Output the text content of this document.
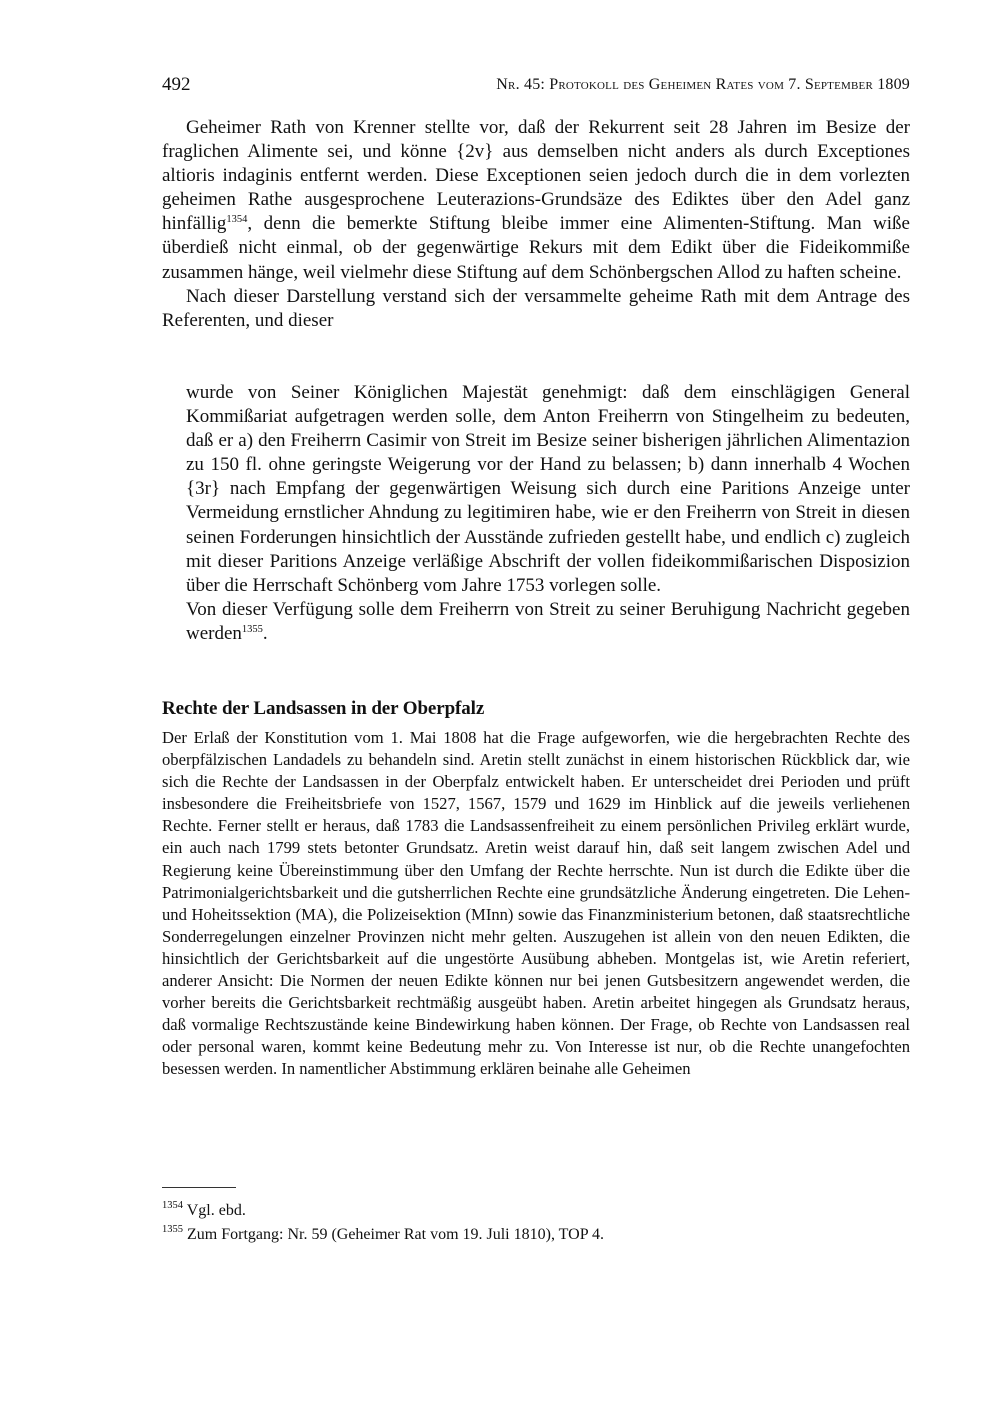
492	Nr. 45: Protokoll des Geheimen Rates vom 7. September 1809

Geheimer Rath von Krenner stellte vor, daß der Rekurrent seit 28 Jahren im Besize der fraglichen Alimente sei, und könne {2v} aus demselben nicht anders als durch Exceptiones altioris indaginis entfernt werden. Diese Exceptionen seien jedoch durch die in dem vorlezten geheimen Rathe ausgesprochene Leuterazions-Grundsäze des Ediktes über den Adel ganz hinfällig$^{1354}$, denn die bemerkte Stiftung bleibe immer eine Alimenten-Stiftung. Man wiße überdieß nicht einmal, ob der gegenwärtige Rekurs mit dem Edikt über die Fideikommiße zusammen hänge, weil vielmehr diese Stiftung auf dem Schönbergschen Allod zu haften scheine.

Nach dieser Darstellung verstand sich der versammelte geheime Rath mit dem Antrage des Referenten, und dieser

wurde von Seiner Königlichen Majestät genehmigt: daß dem einschlägigen General Kommißariat aufgetragen werden solle, dem Anton Freiherrn von Stingelheim zu bedeuten, daß er a) den Freiherrn Casimir von Streit im Besize seiner bisherigen jährlichen Alimentazion zu 150 fl. ohne geringste Weigerung vor der Hand zu belassen; b) dann innerhalb 4 Wochen {3r} nach Empfang der gegenwärtigen Weisung sich durch eine Paritions Anzeige unter Vermeidung ernstlicher Ahndung zu legitimiren habe, wie er den Freiherrn von Streit in diesen seinen Forderungen hinsichtlich der Ausstände zufrieden gestellt habe, und endlich c) zugleich mit dieser Paritions Anzeige verläßige Abschrift der vollen fideikommißarischen Disposizion über die Herrschaft Schönberg vom Jahre 1753 vorlegen solle.

Von dieser Verfügung solle dem Freiherrn von Streit zu seiner Beruhigung Nachricht gegeben werden$^{1355}$.

Rechte der Landsassen in der Oberpfalz
Der Erlaß der Konstitution vom 1. Mai 1808 hat die Frage aufgeworfen, wie die hergebrachten Rechte des oberpfälzischen Landadels zu behandeln sind. Aretin stellt zunächst in einem historischen Rückblick dar, wie sich die Rechte der Landsassen in der Oberpfalz entwickelt haben. Er unterscheidet drei Perioden und prüft insbesondere die Freiheitsbriefe von 1527, 1567, 1579 und 1629 im Hinblick auf die jeweils verliehenen Rechte. Ferner stellt er heraus, daß 1783 die Landsassenfreiheit zu einem persönlichen Privileg erklärt wurde, ein auch nach 1799 stets betonter Grundsatz. Aretin weist darauf hin, daß seit langem zwischen Adel und Regierung keine Übereinstimmung über den Umfang der Rechte herrschte. Nun ist durch die Edikte über die Patrimonialgerichtsbarkeit und die gutsherrlichen Rechte eine grundsätzliche Änderung eingetreten. Die Lehen- und Hoheitssektion (MA), die Polizeisektion (MInn) sowie das Finanzministerium betonen, daß staatsrechtliche Sonderregelungen einzelner Provinzen nicht mehr gelten. Auszugehen ist allein von den neuen Edikten, die hinsichtlich der Gerichtsbarkeit auf die ungestörte Ausübung abheben. Montgelas ist, wie Aretin referiert, anderer Ansicht: Die Normen der neuen Edikte können nur bei jenen Gutsbesitzern angewendet werden, die vorher bereits die Gerichtsbarkeit rechtmäßig ausgeübt haben. Aretin arbeitet hingegen als Grundsatz heraus, daß vormalige Rechtszustände keine Bindewirkung haben können. Der Frage, ob Rechte von Landsassen real oder personal waren, kommt keine Bedeutung mehr zu. Von Interesse ist nur, ob die Rechte unangefochten besessen werden. In namentlicher Abstimmung erklären beinahe alle Geheimen

$^{1354}$ Vgl. ebd.

$^{1355}$ Zum Fortgang: Nr. 59 (Geheimer Rat vom 19. Juli 1810), TOP 4.
